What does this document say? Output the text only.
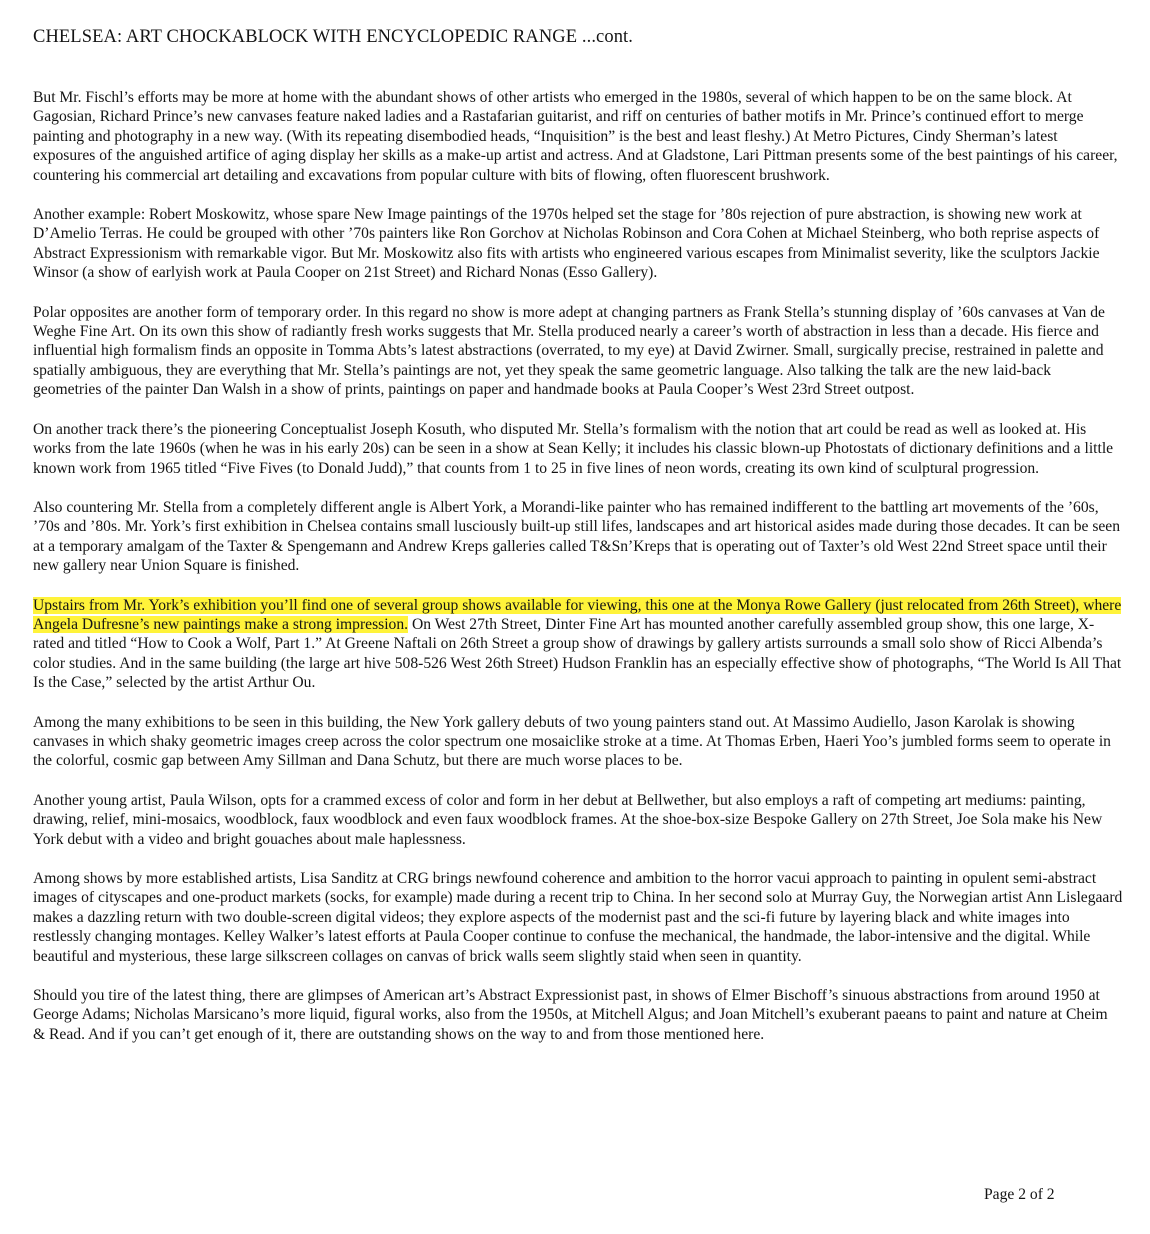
CHELSEA: ART CHOCKABLOCK WITH ENCYCLOPEDIC RANGE ...cont.

But Mr. Fischl’s efforts may be more at home with the abundant shows of other artists who emerged in the 1980s, several of which happen to be on the same block. At Gagosian, Richard Prince’s new canvases feature naked ladies and a Rastafarian guitarist, and riff on centuries of bather motifs in Mr. Prince’s continued effort to merge painting and photography in a new way. (With its repeating disembodied heads, “Inquisition” is the best and least fleshy.) At Metro Pictures, Cindy Sherman’s latest exposures of the anguished artifice of aging display her skills as a make-up artist and actress. And at Gladstone, Lari Pittman presents some of the best paintings of his career, countering his commercial art detailing and excavations from popular culture with bits of flowing, often fluorescent brushwork.

Another example: Robert Moskowitz, whose spare New Image paintings of the 1970s helped set the stage for ’80s rejection of pure abstraction, is showing new work at D’Amelio Terras. He could be grouped with other ’70s painters like Ron Gorchov at Nicholas Robinson and Cora Cohen at Michael Steinberg, who both reprise aspects of Abstract Expressionism with remarkable vigor. But Mr. Moskowitz also fits with artists who engineered various escapes from Minimalist severity, like the sculptors Jackie Winsor (a show of earlyish work at Paula Cooper on 21st Street) and Richard Nonas (Esso Gallery).

Polar opposites are another form of temporary order. In this regard no show is more adept at changing partners as Frank Stella’s stunning display of ’60s canvases at Van de Weghe Fine Art. On its own this show of radiantly fresh works suggests that Mr. Stella produced nearly a career’s worth of abstraction in less than a decade. His fierce and influential high formalism finds an opposite in Tomma Abts’s latest abstractions (overrated, to my eye) at David Zwirner. Small, surgically precise, restrained in palette and spatially ambiguous, they are everything that Mr. Stella’s paintings are not, yet they speak the same geometric language. Also talking the talk are the new laid-back geometries of the painter Dan Walsh in a show of prints, paintings on paper and handmade books at Paula Cooper’s West 23rd Street outpost.

On another track there’s the pioneering Conceptualist Joseph Kosuth, who disputed Mr. Stella’s formalism with the notion that art could be read as well as looked at. His works from the late 1960s (when he was in his early 20s) can be seen in a show at Sean Kelly; it includes his classic blown-up Photostats of dictionary definitions and a little known work from 1965 titled “Five Fives (to Donald Judd),” that counts from 1 to 25 in five lines of neon words, creating its own kind of sculptural progression.

Also countering Mr. Stella from a completely different angle is Albert York, a Morandi-like painter who has remained indifferent to the battling art movements of the ’60s, ’70s and ’80s. Mr. York’s first exhibition in Chelsea contains small lusciously built-up still lifes, landscapes and art historical asides made during those decades. It can be seen at a temporary amalgam of the Taxter & Spengemann and Andrew Kreps galleries called T&Sn’Kreps that is operating out of Taxter’s old West 22nd Street space until their new gallery near Union Square is finished.

Upstairs from Mr. York’s exhibition you’ll find one of several group shows available for viewing, this one at the Monya Rowe Gallery (just relocated from 26th Street), where Angela Dufresne’s new paintings make a strong impression. On West 27th Street, Dinter Fine Art has mounted another carefully assembled group show, this one large, X-rated and titled “How to Cook a Wolf, Part 1.” At Greene Naftali on 26th Street a group show of drawings by gallery artists surrounds a small solo show of Ricci Albenda’s color studies. And in the same building (the large art hive 508-526 West 26th Street) Hudson Franklin has an especially effective show of photographs, “The World Is All That Is the Case,” selected by the artist Arthur Ou.

Among the many exhibitions to be seen in this building, the New York gallery debuts of two young painters stand out. At Massimo Audiello, Jason Karolak is showing canvases in which shaky geometric images creep across the color spectrum one mosaiclike stroke at a time. At Thomas Erben, Haeri Yoo’s jumbled forms seem to operate in the colorful, cosmic gap between Amy Sillman and Dana Schutz, but there are much worse places to be.

Another young artist, Paula Wilson, opts for a crammed excess of color and form in her debut at Bellwether, but also employs a raft of competing art mediums: painting, drawing, relief, mini-mosaics, woodblock, faux woodblock and even faux woodblock frames. At the shoe-box-size Bespoke Gallery on 27th Street, Joe Sola make his New York debut with a video and bright gouaches about male haplessness.

Among shows by more established artists, Lisa Sanditz at CRG brings newfound coherence and ambition to the horror vacui approach to painting in opulent semi-abstract images of cityscapes and one-product markets (socks, for example) made during a recent trip to China. In her second solo at Murray Guy, the Norwegian artist Ann Lislegaard makes a dazzling return with two double-screen digital videos; they explore aspects of the modernist past and the sci-fi future by layering black and white images into restlessly changing montages. Kelley Walker’s latest efforts at Paula Cooper continue to confuse the mechanical, the handmade, the labor-intensive and the digital. While beautiful and mysterious, these large silkscreen collages on canvas of brick walls seem slightly staid when seen in quantity.

Should you tire of the latest thing, there are glimpses of American art’s Abstract Expressionist past, in shows of Elmer Bischoff’s sinuous abstractions from around 1950 at George Adams; Nicholas Marsicano’s more liquid, figural works, also from the 1950s, at Mitchell Algus; and Joan Mitchell’s exuberant paeans to paint and nature at Cheim & Read. And if you can’t get enough of it, there are outstanding shows on the way to and from those mentioned here.

Page 2 of 2
